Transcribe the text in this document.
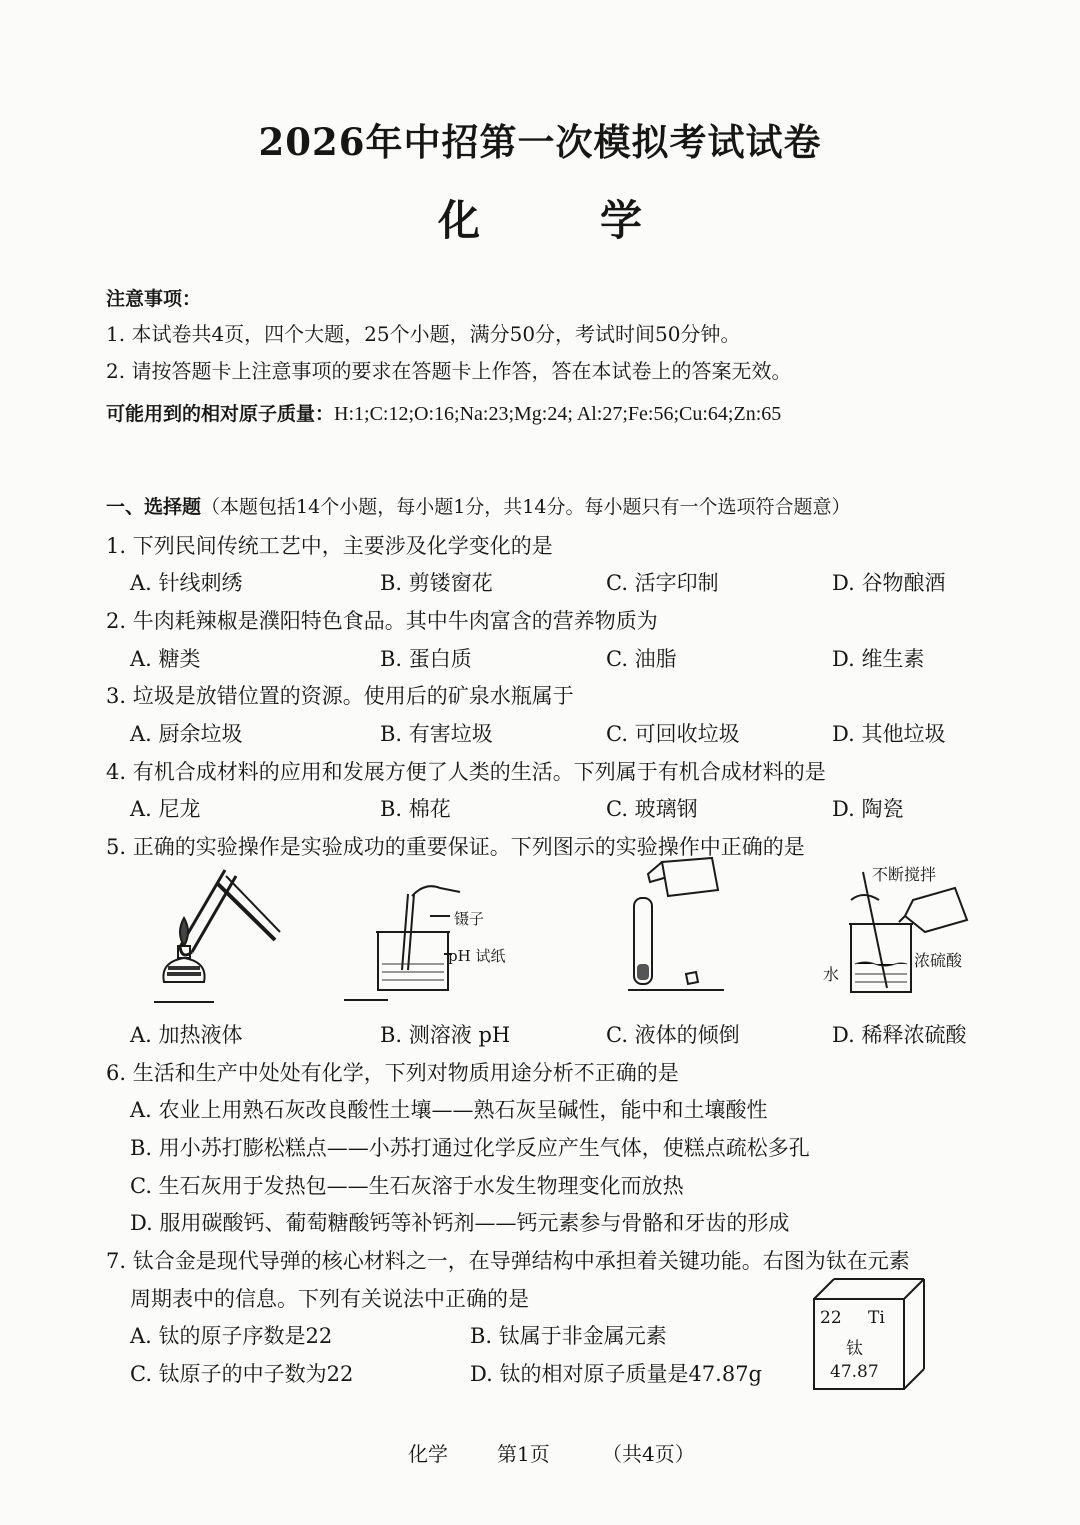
2026年中招第一次模拟考试试卷
化学
注意事项：
1. 本试卷共4页，四个大题，25个小题，满分50分，考试时间50分钟。
2. 请按答题卡上注意事项的要求在答题卡上作答，答在本试卷上的答案无效。
可能用到的相对原子质量：H:1;C:12;O:16;Na:23;Mg:24; Al:27;Fe:56;Cu:64;Zn:65
一、选择题（本题包括14个小题，每小题1分，共14分。每小题只有一个选项符合题意）
1. 下列民间传统工艺中，主要涉及化学变化的是
A. 针线刺绣	B. 剪镂窗花	C. 活字印制	D. 谷物酿酒
2. 牛肉耗辣椒是濮阳特色食品。其中牛肉富含的营养物质为
A. 糖类	B. 蛋白质	C. 油脂	D. 维生素
3. 垃圾是放错位置的资源。使用后的矿泉水瓶属于
A. 厨余垃圾	B. 有害垃圾	C. 可回收垃圾	D. 其他垃圾
4. 有机合成材料的应用和发展方便了人类的生活。下列属于有机合成材料的是
A. 尼龙	B. 棉花	C. 玻璃钢	D. 陶瓷
5. 正确的实验操作是实验成功的重要保证。下列图示的实验操作中正确的是
镊子
pH 试纸
不断搅拌
浓硫酸
水
A. 加热液体	B. 测溶液 pH	C. 液体的倾倒	D. 稀释浓硫酸
6. 生活和生产中处处有化学，下列对物质用途分析不正确的是
A. 农业上用熟石灰改良酸性土壤——熟石灰呈碱性，能中和土壤酸性
B. 用小苏打膨松糕点——小苏打通过化学反应产生气体，使糕点疏松多孔
C. 生石灰用于发热包——生石灰溶于水发生物理变化而放热
D. 服用碳酸钙、葡萄糖酸钙等补钙剂——钙元素参与骨骼和牙齿的形成
7. 钛合金是现代导弹的核心材料之一，在导弹结构中承担着关键功能。右图为钛在元素
周期表中的信息。下列有关说法中正确的是
A. 钛的原子序数是22	B. 钛属于非金属元素
C. 钛原子的中子数为22	D. 钛的相对原子质量是47.87g
22 Ti
钛
47.87
化学 第1页	（共4页）
